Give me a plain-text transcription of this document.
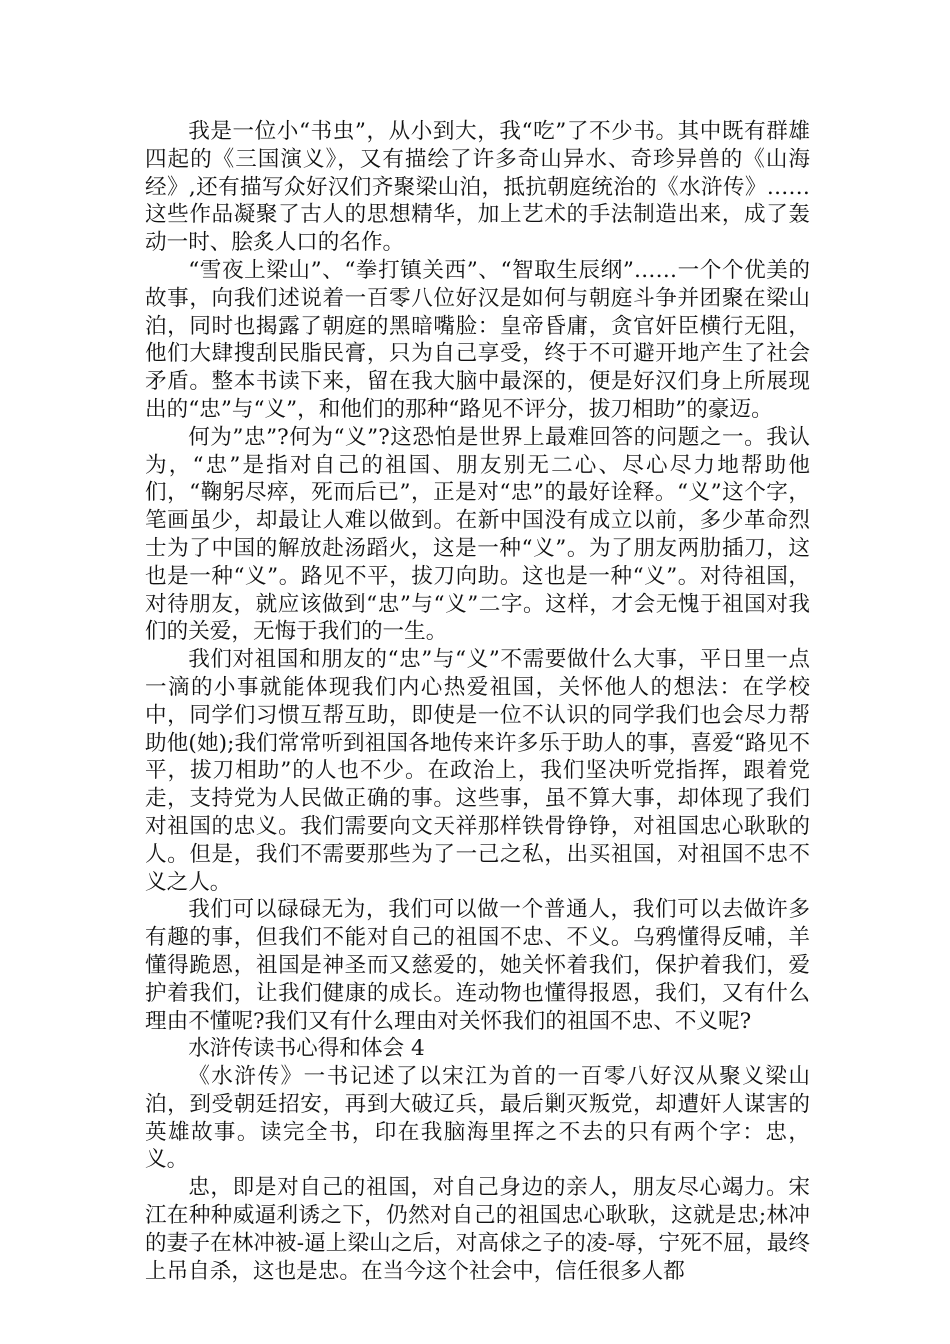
我是一位小“书虫”，从小到大，我“吃”了不少书。其中既有群雄四起的《三国演义》，又有描绘了许多奇山异水、奇珍异兽的《山海经》,还有描写众好汉们齐聚梁山泊，抵抗朝庭统治的《水浒传》……这些作品凝聚了古人的思想精华，加上艺术的手法制造出来，成了轰动一时、脍炙人口的名作。

“雪夜上梁山”、“拳打镇关西”、“智取生辰纲”……一个个优美的故事，向我们述说着一百零八位好汉是如何与朝庭斗争并团聚在梁山泊，同时也揭露了朝庭的黑暗嘴脸：皇帝昏庸，贪官奸臣横行无阻，他们大肆搜刮民脂民膏，只为自己享受，终于不可避开地产生了社会矛盾。整本书读下来，留在我大脑中最深的，便是好汉们身上所展现出的“忠”与“义”，和他们的那种“路见不评分，拔刀相助”的豪迈。

何为”忠”?何为“义”?这恐怕是世界上最难回答的问题之一。我认为，“忠”是指对自己的祖国、朋友别无二心、尽心尽力地帮助他们，“鞠躬尽瘁，死而后已”，正是对“忠”的最好诠释。“义”这个字，笔画虽少，却最让人难以做到。在新中国没有成立以前，多少革命烈士为了中国的解放赴汤蹈火，这是一种“义”。为了朋友两肋插刀，这也是一种“义”。路见不平，拔刀向助。这也是一种“义”。对待祖国，对待朋友，就应该做到“忠”与“义”二字。这样，才会无愧于祖国对我们的关爱，无悔于我们的一生。

我们对祖国和朋友的“忠”与“义”不需要做什么大事，平日里一点一滴的小事就能体现我们内心热爱祖国，关怀他人的想法：在学校中，同学们习惯互帮互助，即使是一位不认识的同学我们也会尽力帮助他(她);我们常常听到祖国各地传来许多乐于助人的事，喜爱“路见不平，拔刀相助”的人也不少。在政治上，我们坚决听党指挥，跟着党走，支持党为人民做正确的事。这些事，虽不算大事，却体现了我们对祖国的忠义。我们需要向文天祥那样铁骨铮铮，对祖国忠心耿耿的人。但是，我们不需要那些为了一己之私，出买祖国，对祖国不忠不义之人。

我们可以碌碌无为，我们可以做一个普通人，我们可以去做许多有趣的事，但我们不能对自己的祖国不忠、不义。乌鸦懂得反哺，羊懂得跪恩，祖国是神圣而又慈爱的，她关怀着我们，保护着我们，爱护着我们，让我们健康的成长。连动物也懂得报恩，我们，又有什么理由不懂呢?我们又有什么理由对关怀我们的祖国不忠、不义呢?

水浒传读书心得和体会 4

《水浒传》一书记述了以宋江为首的一百零八好汉从聚义梁山泊，到受朝廷招安，再到大破辽兵，最后剿灭叛党，却遭奸人谋害的英雄故事。读完全书，印在我脑海里挥之不去的只有两个字：忠，义。

忠，即是对自己的祖国，对自己身边的亲人，朋友尽心竭力。宋江在种种威逼利诱之下，仍然对自己的祖国忠心耿耿，这就是忠;林冲的妻子在林冲被-逼上梁山之后，对高俅之子的凌-辱，宁死不屈，最终上吊自杀，这也是忠。在当今这个社会中，信任很多人都
